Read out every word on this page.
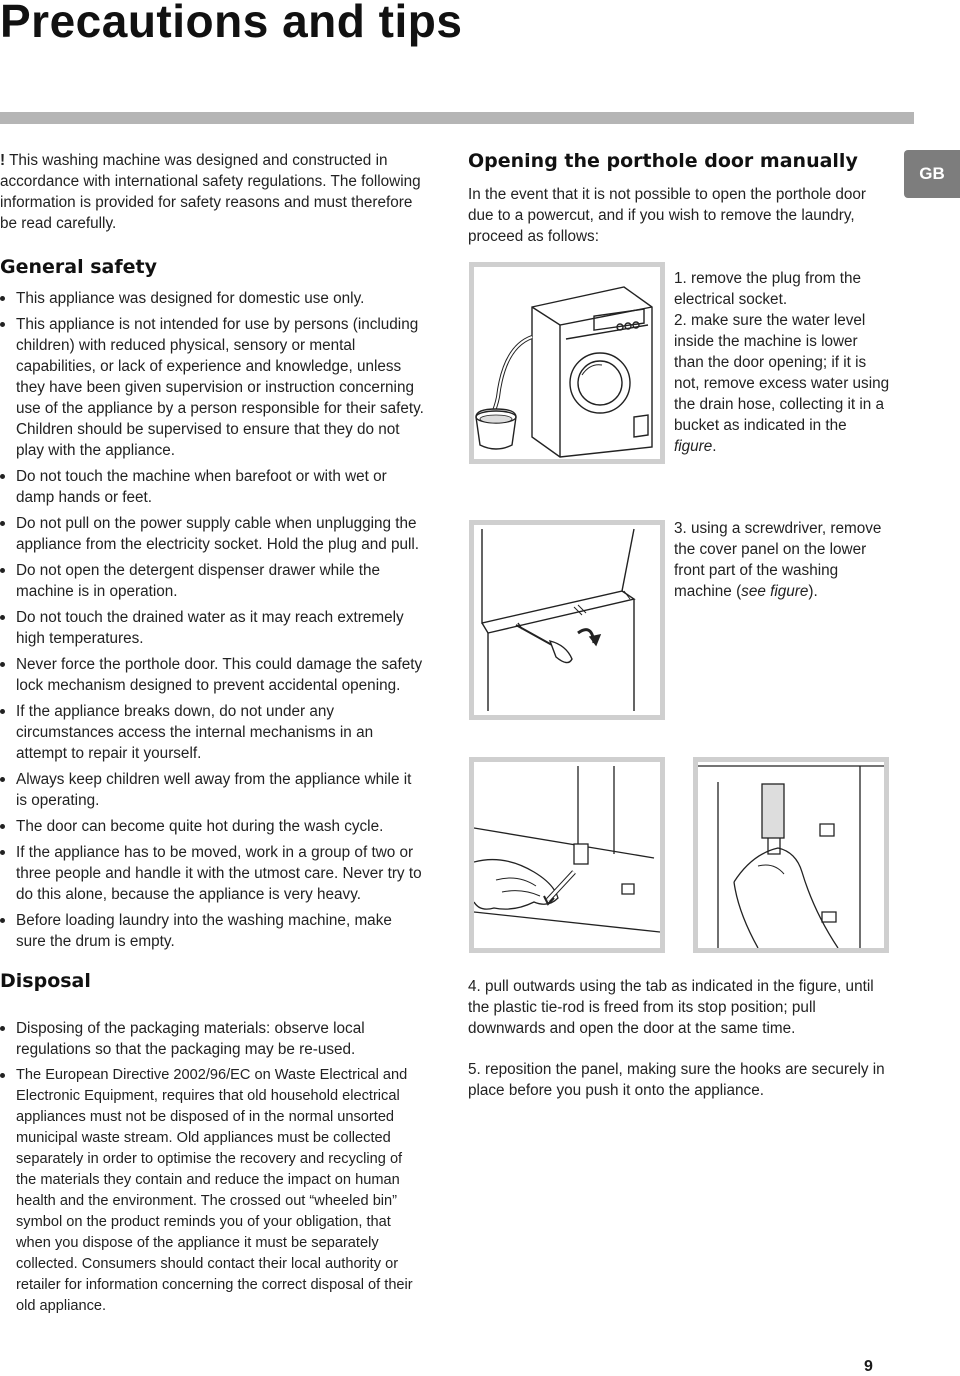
Precautions and tips
GB

! This washing machine was designed and constructed in accordance with international safety regulations. The following information is provided for safety reasons and must therefore be read carefully.

General safety
This appliance was designed for domestic use only.
This appliance is not intended for use by persons (including children) with reduced physical, sensory or mental capabilities, or lack of experience and knowledge, unless they have been given supervision or instruction concerning use of the appliance by a person responsible for their safety. Children should be supervised to ensure that they do not play with the appliance.
Do not touch the machine when barefoot or with wet or damp hands or feet.
Do not pull on the power supply cable when unplugging the appliance from the electricity socket. Hold the plug and pull.
Do not open the detergent dispenser drawer while the machine is in operation.
Do not touch the drained water as it may reach extremely high temperatures.
Never force the porthole door. This could damage the safety lock mechanism designed to prevent accidental opening.
If the appliance breaks down, do not under any circumstances access the internal mechanisms in an attempt to repair it yourself.
Always keep children well away from the appliance while it is operating.
The door can become quite hot during the wash cycle.
If the appliance has to be moved, work in a group of two or three people and handle it with the utmost care. Never try to do this alone, because the appliance is very heavy.
Before loading laundry into the washing machine, make sure the drum is empty.
Disposal
Disposing of the packaging materials: observe local regulations so that the packaging may be re-used.
The European Directive 2002/96/EC on Waste Electrical and Electronic Equipment, requires that old household electrical appliances must not be disposed of in the normal unsorted municipal waste stream. Old appliances must be collected separately in order to optimise the recovery and recycling of the materials they contain and reduce the impact on human health and the environment. The crossed out “wheeled bin” symbol on the product reminds you of your obligation, that when you dispose of the appliance it must be separately collected. Consumers should contact their local authority or retailer for information concerning the correct disposal of their old appliance.
Opening the porthole door manually

In the event that it is not possible to open the porthole door due to a powercut, and if you wish to remove the laundry, proceed as follows:

1. remove the plug from the electrical socket.
2. make sure the water level inside the machine is lower than the door opening; if it is not, remove excess water using the drain hose, collecting it in a bucket as indicated in the figure.
3. using a screwdriver, remove the cover panel on the lower front part of the washing machine (see figure).
4. pull outwards using the tab as indicated in the figure, until the plastic tie-rod is freed from its stop position; pull downwards and open the door at the same time.
5. reposition the panel, making sure the hooks are securely in place before you push it onto the appliance.
9
